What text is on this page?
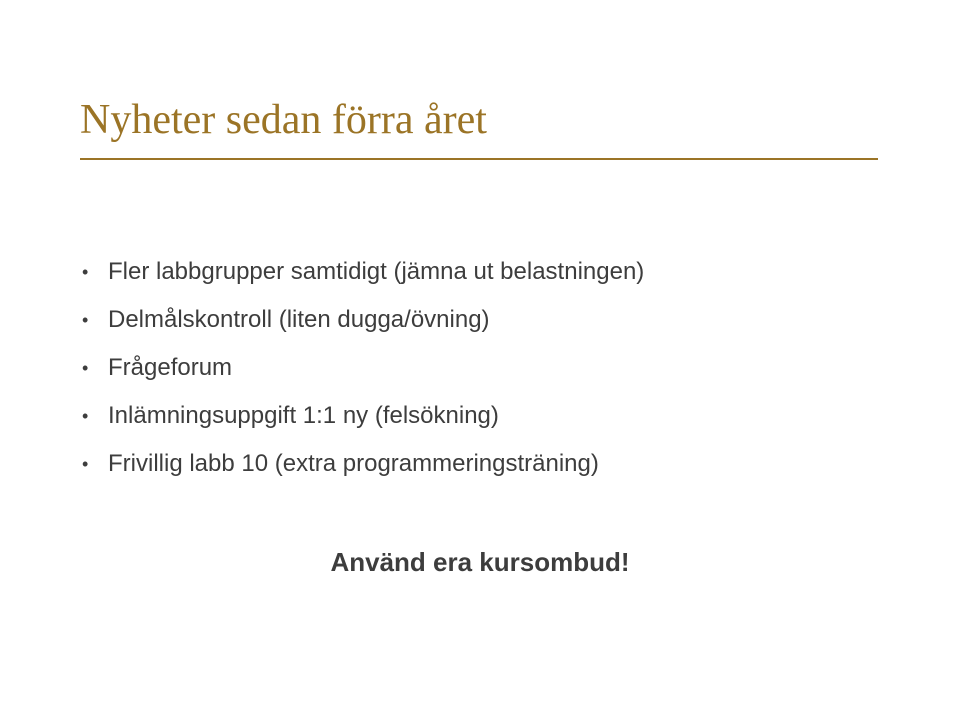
Nyheter sedan förra året
• Fler labbgrupper samtidigt (jämna ut belastningen)
• Delmålskontroll (liten dugga/övning)
• Frågeforum
• Inlämningsuppgift 1:1 ny (felsökning)
• Frivillig labb 10 (extra programmeringsträning)
Använd era kursombud!
